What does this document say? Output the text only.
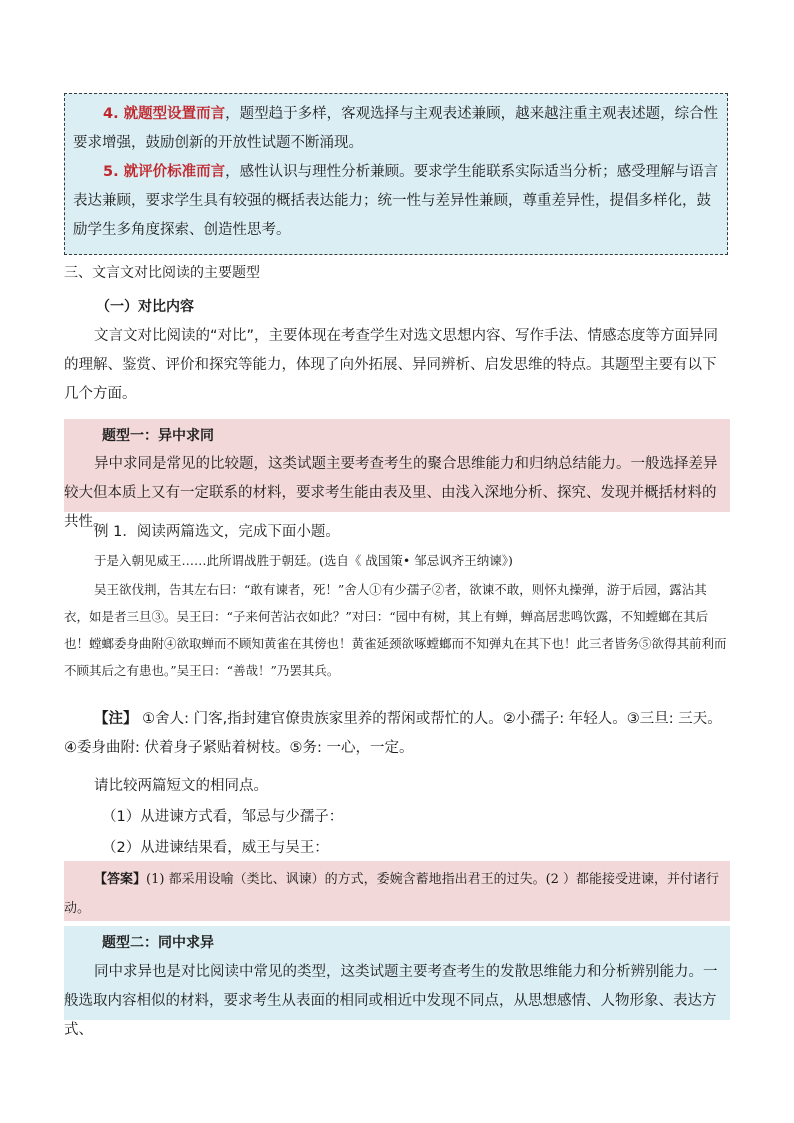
4. 就题型设置而言，题型趋于多样，客观选择与主观表述兼顾，越来越注重主观表述题，综合性要求增强，鼓励创新的开放性试题不断涌现。

5. 就评价标准而言，感性认识与理性分析兼顾。要求学生能联系实际适当分析；感受理解与语言表达兼顾，要求学生具有较强的概括表达能力；统一性与差异性兼顾，尊重差异性，提倡多样化，鼓励学生多角度探索、创造性思考。

三、文言文对比阅读的主要题型
（一）对比内容

文言文对比阅读的“对比”，主要体现在考查学生对选文思想内容、写作手法、情感态度等方面异同的理解、鉴赏、评价和探究等能力，体现了向外拓展、异同辨析、启发思维的特点。其题型主要有以下几个方面。

题型一：异中求同

异中求同是常见的比较题，这类试题主要考查考生的聚合思维能力和归纳总结能力。一般选择差异较大但本质上又有一定联系的材料，要求考生能由表及里、由浅入深地分析、探究、发现并概括材料的共性。

例 1．阅读两篇选文，完成下面小题。

于是入朝见威王……此所谓战胜于朝廷。(选自《 战国策• 邹忌讽齐王纳谏》)

吴王欲伐荆，告其左右曰：“敢有谏者，死！”舍人①有少孺子②者，欲谏不敢，则怀丸操弹，游于后园，露沾其衣，如是者三旦③。吴王曰：“子来何苦沾衣如此？”对曰：“园中有树，其上有蝉，蝉高居悲鸣饮露，不知螳螂在其后也！螳螂委身曲附④欲取蝉而不顾知黄雀在其傍也！黄雀延颈欲啄螳螂而不知弹丸在其下也！此三者皆务⑤欲得其前利而不顾其后之有患也。”吴王曰：“善哉！”乃罢其兵。

【注】 ①舍人: 门客,指封建官僚贵族家里养的帮闲或帮忙的人。②小孺子: 年轻人。③三旦: 三天。④委身曲附: 伏着身子紧贴着树枝。⑤务: 一心，一定。

请比较两篇短文的相同点。
（1）从进谏方式看，邹忌与少孺子：
（2）从进谏结果看，威王与吴王：

【答案】(1) 都采用设喻（类比、讽谏）的方式，委婉含蓄地指出君王的过失。(2 ）都能接受进谏，并付诸行动。

题型二：同中求异

同中求异也是对比阅读中常见的类型，这类试题主要考查考生的发散思维能力和分析辨别能力。一般选取内容相似的材料，要求考生从表面的相同或相近中发现不同点，从思想感情、人物形象、表达方式、
